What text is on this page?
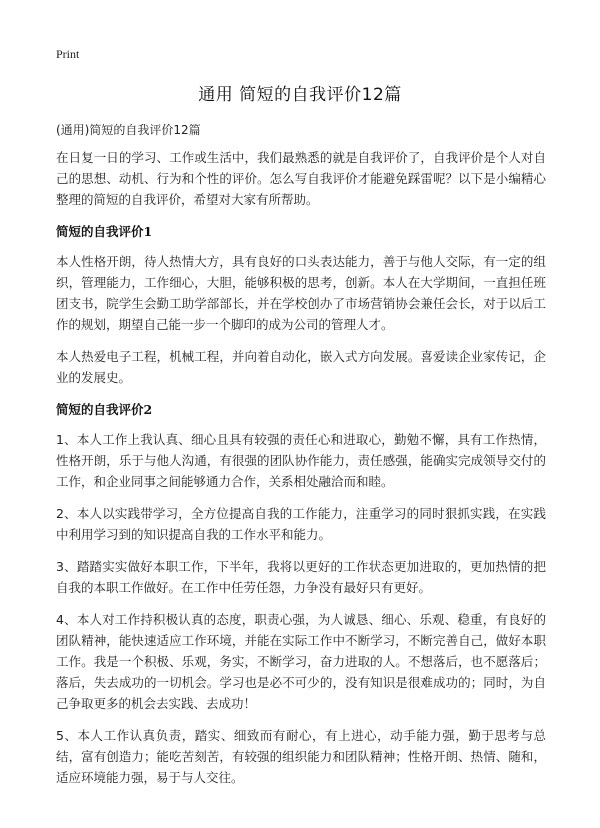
Print
通用 简短的自我评价12篇
(通用)简短的自我评价12篇

在日复一日的学习、工作或生活中，我们最熟悉的就是自我评价了，自我评价是个人对自己的思想、动机、行为和个性的评价。怎么写自我评价才能避免踩雷呢？以下是小编精心整理的简短的自我评价，希望对大家有所帮助。

简短的自我评价1

本人性格开朗，待人热情大方，具有良好的口头表达能力，善于与他人交际，有一定的组织，管理能力，工作细心，大胆，能够积极的思考，创新。本人在大学期间，一直担任班团支书，院学生会勤工助学部部长，并在学校创办了市场营销协会兼任会长，对于以后工作的规划，期望自己能一步一个脚印的成为公司的管理人才。

本人热爱电子工程，机械工程，并向着自动化，嵌入式方向发展。喜爱读企业家传记，企业的发展史。

简短的自我评价2

1、本人工作上我认真、细心且具有较强的责任心和进取心，勤勉不懈，具有工作热情，性格开朗，乐于与他人沟通，有很强的团队协作能力，责任感强，能确实完成领导交付的工作，和企业同事之间能够通力合作，关系相处融洽而和睦。

2、本人以实践带学习，全方位提高自我的工作能力，注重学习的同时狠抓实践，在实践中利用学习到的知识提高自我的工作水平和能力。

3、踏踏实实做好本职工作，下半年，我将以更好的工作状态更加进取的，更加热情的把自我的本职工作做好。在工作中任劳任怨，力争没有最好只有更好。

4、本人对工作持积极认真的态度，职责心强，为人诚恳、细心、乐观、稳重，有良好的团队精神，能快速适应工作环境，并能在实际工作中不断学习，不断完善自己，做好本职工作。我是一个积极、乐观，务实，不断学习，奋力进取的人。不想落后，也不愿落后；落后，失去成功的一切机会。学习也是必不可少的，没有知识是很难成功的；同时，为自己争取更多的机会去实践、去成功！

5、本人工作认真负责，踏实、细致而有耐心，有上进心，动手能力强，勤于思考与总结，富有创造力；能吃苦刻苦，有较强的组织能力和团队精神；性格开朗、热情、随和，适应环境能力强，易于与人交往。
